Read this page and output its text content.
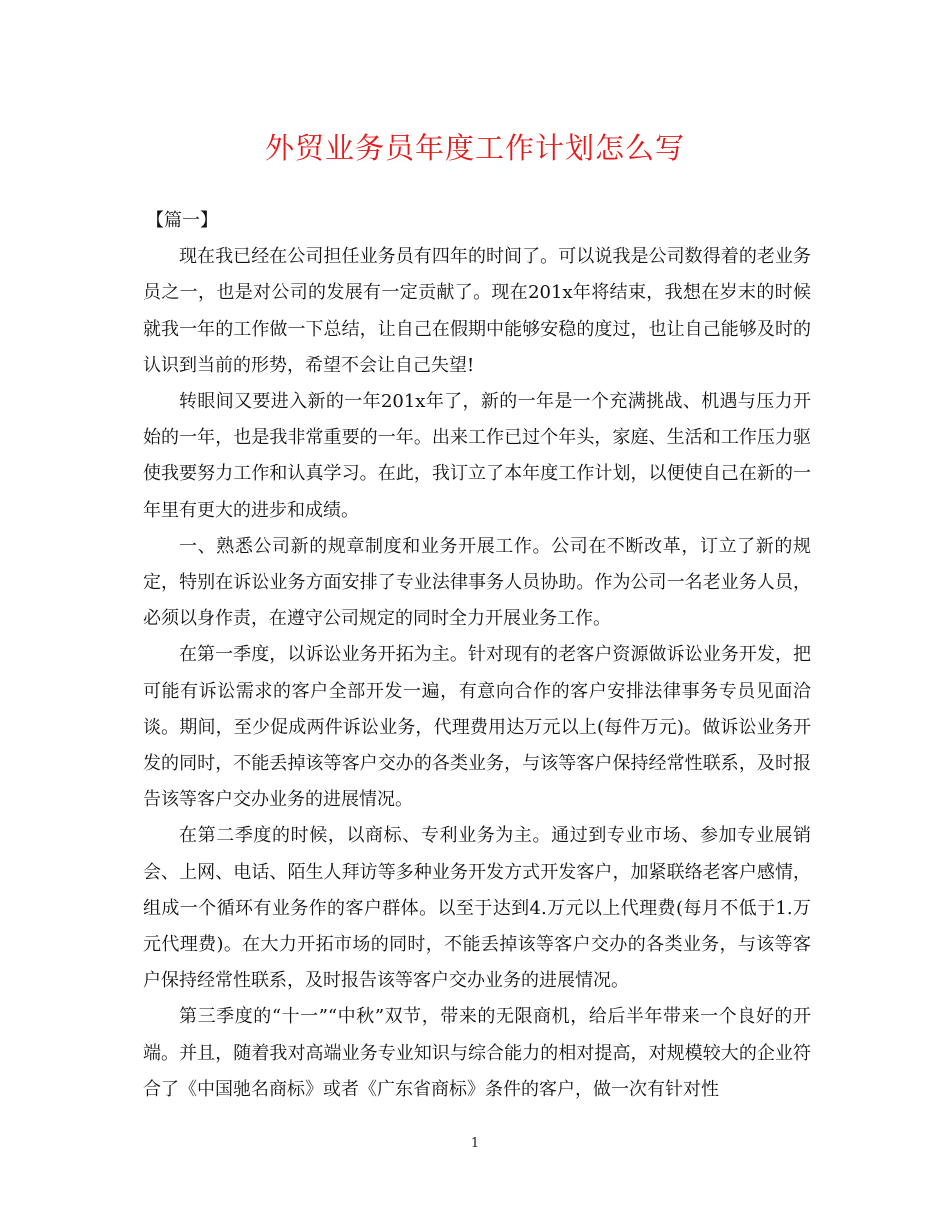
外贸业务员年度工作计划怎么写

【篇一】

现在我已经在公司担任业务员有四年的时间了。可以说我是公司数得着的老业务员之一，也是对公司的发展有一定贡献了。现在201x年将结束，我想在岁末的时候就我一年的工作做一下总结，让自己在假期中能够安稳的度过，也让自己能够及时的认识到当前的形势，希望不会让自己失望!

转眼间又要进入新的一年201x年了，新的一年是一个充满挑战、机遇与压力开始的一年，也是我非常重要的一年。出来工作已过个年头，家庭、生活和工作压力驱使我要努力工作和认真学习。在此，我订立了本年度工作计划，以便使自己在新的一年里有更大的进步和成绩。

一、熟悉公司新的规章制度和业务开展工作。公司在不断改革，订立了新的规定，特别在诉讼业务方面安排了专业法律事务人员协助。作为公司一名老业务人员，必须以身作责，在遵守公司规定的同时全力开展业务工作。

在第一季度，以诉讼业务开拓为主。针对现有的老客户资源做诉讼业务开发，把可能有诉讼需求的客户全部开发一遍，有意向合作的客户安排法律事务专员见面洽谈。期间，至少促成两件诉讼业务，代理费用达万元以上(每件万元)。做诉讼业务开发的同时，不能丢掉该等客户交办的各类业务，与该等客户保持经常性联系，及时报告该等客户交办业务的进展情况。

在第二季度的时候，以商标、专利业务为主。通过到专业市场、参加专业展销会、上网、电话、陌生人拜访等多种业务开发方式开发客户，加紧联络老客户感情，组成一个循环有业务作的客户群体。以至于达到4.万元以上代理费(每月不低于1.万元代理费)。在大力开拓市场的同时，不能丢掉该等客户交办的各类业务，与该等客户保持经常性联系，及时报告该等客户交办业务的进展情况。

第三季度的“十一”“中秋”双节，带来的无限商机，给后半年带来一个良好的开端。并且，随着我对高端业务专业知识与综合能力的相对提高，对规模较大的企业符合了《中国驰名商标》或者《广东省商标》条件的客户，做一次有针对性

1
